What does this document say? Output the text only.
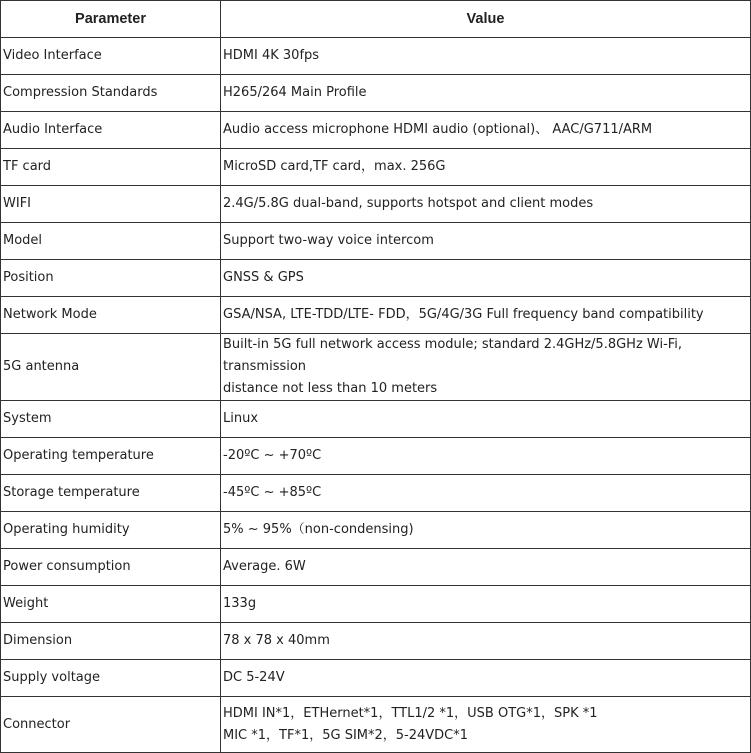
Parameter	Value
Video Interface	HDMI 4K 30fps

Compression Standards	H265/264 Main Profile

Audio Interface	Audio access microphone HDMI audio (optional)、 AAC/G711/ARM

TF card	MicroSD card,TF card，max. 256G

WIFI	2.4G/5.8G dual-band, supports hotspot and client modes

Model	Support two-way voice intercom

Position	GNSS & GPS

Network Mode	GSA/NSA, LTE-TDD/LTE- FDD，5G/4G/3G Full frequency band compatibility

5G antenna	Built-in 5G full network access module; standard 2.4GHz/5.8GHz Wi-Fi, transmission
distance not less than 10 meters

System	Linux

Operating temperature	-20ºC ~ +70ºC

Storage temperature	-45ºC ~ +85ºC

Operating humidity	5% ~ 95%（non-condensing)

Power consumption	Average. 6W

Weight	133g

Dimension	78 x 78 x 40mm

Supply voltage	DC 5-24V

Connector	HDMI IN*1，ETHernet*1，TTL1/2 *1，USB OTG*1，SPK *1
MIC *1，TF*1，5G SIM*2，5-24VDC*1
